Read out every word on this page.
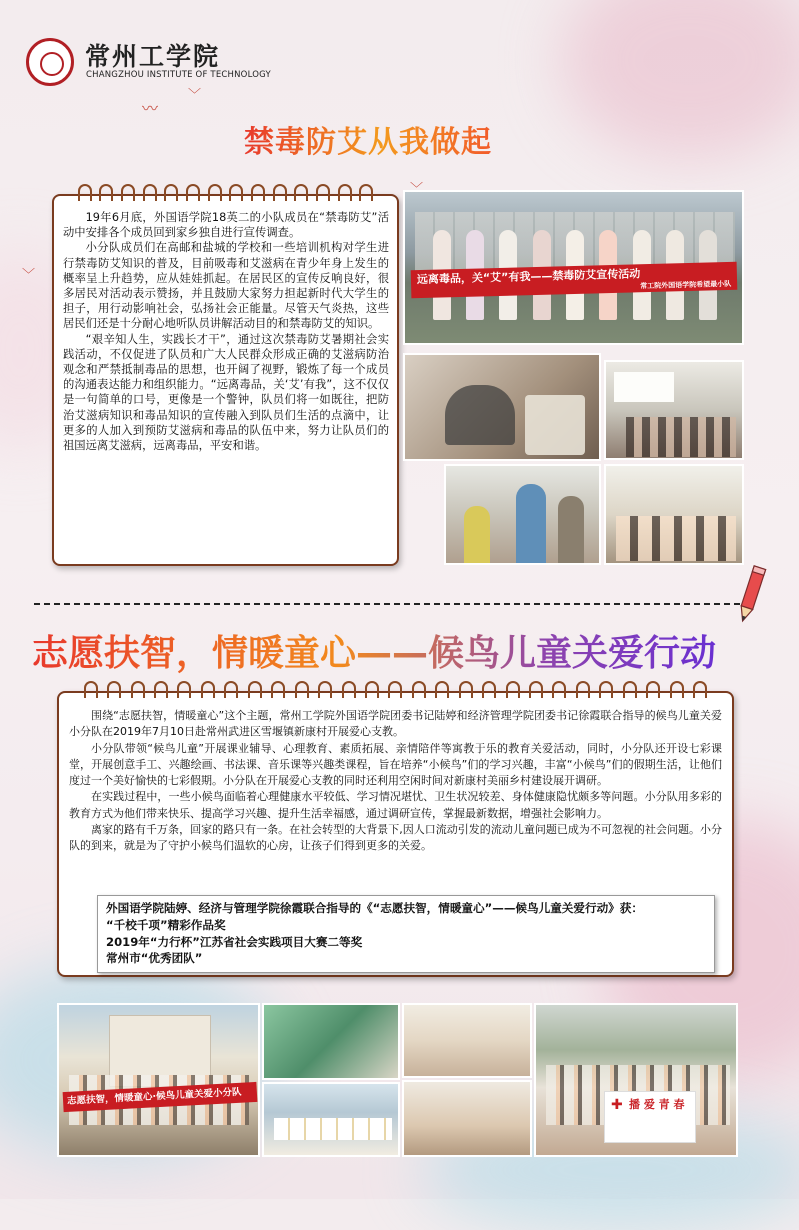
常州工学院
CHANGZHOU INSTITUTE OF TECHNOLOGY
〰
﹀
﹀
禁毒防艾从我做起

19年6月底，外国语学院18英二的小队成员在“禁毒防艾”活动中安排各个成员回到家乡独自进行宣传调查。

小分队成员们在高邮和盐城的学校和一些培训机构对学生进行禁毒防艾知识的普及，目前吸毒和艾滋病在青少年身上发生的概率呈上升趋势，应从娃娃抓起。在居民区的宣传反响良好，很多居民对活动表示赞扬，并且鼓励大家努力担起新时代大学生的担子，用行动影响社会，弘扬社会正能量。尽管天气炎热，这些居民们还是十分耐心地听队员讲解活动目的和禁毒防艾的知识。

“艰辛知人生，实践长才干”，通过这次禁毒防艾暑期社会实践活动，不仅促进了队员和广大人民群众形成正确的艾滋病防治观念和严禁抵制毒品的思想，也开阔了视野，锻炼了每一个成员的沟通表达能力和组织能力。“远离毒品，关‘艾’有我”，这不仅仅是一句简单的口号，更像是一个警钟，队员们将一如既往，把防治艾滋病知识和毒品知识的宣传融入到队员们生活的点滴中，让更多的人加入到预防艾滋病和毒品的队伍中来，努力让队员们的祖国远离艾滋病，远离毒品，平安和谐。

远离毒品，关“艾”有我——禁毒防艾宣传活动 常工院外国语学院希望最小队
志愿扶智，情暖童心——候鸟儿童关爱行动

围绕“志愿扶智，情暖童心”这个主题，常州工学院外国语学院团委书记陆婷和经济管理学院团委书记徐霞联合指导的候鸟儿童关爱小分队在2019年7月10日赴常州武进区雪堰镇新康村开展爱心支教。

小分队带领“候鸟儿童”开展课业辅导、心理教育、素质拓展、亲情陪伴等寓教于乐的教育关爱活动，同时，小分队还开设七彩课堂，开展创意手工、兴趣绘画、书法课、音乐课等兴趣类课程，旨在培养“小候鸟”们的学习兴趣，丰富“小候鸟”们的假期生活，让他们度过一个美好愉快的七彩假期。小分队在开展爱心支教的同时还利用空闲时间对新康村美丽乡村建设展开调研。

在实践过程中，一些小候鸟面临着心理健康水平较低、学习情况堪忧、卫生状况较差、身体健康隐忧颇多等问题。小分队用多彩的教育方式为他们带来快乐、提高学习兴趣、提升生活幸福感，通过调研宣传，掌握最新数据，增强社会影响力。

离家的路有千万条，回家的路只有一条。在社会转型的大背景下,因人口流动引发的流动儿童问题已成为不可忽视的社会问题。小分队的到来，就是为了守护小候鸟们温软的心房，让孩子们得到更多的关爱。

外国语学院陆婷、经济与管理学院徐霞联合指导的《“志愿扶智，情暖童心”——候鸟儿童关爱行动》获：
“千校千项”精彩作品奖
2019年“力行杯”江苏省社会实践项目大赛二等奖
常州市“优秀团队”
志愿扶智，情暖童心·候鸟儿童关爱小分队	✚ 播 爱 青 春
